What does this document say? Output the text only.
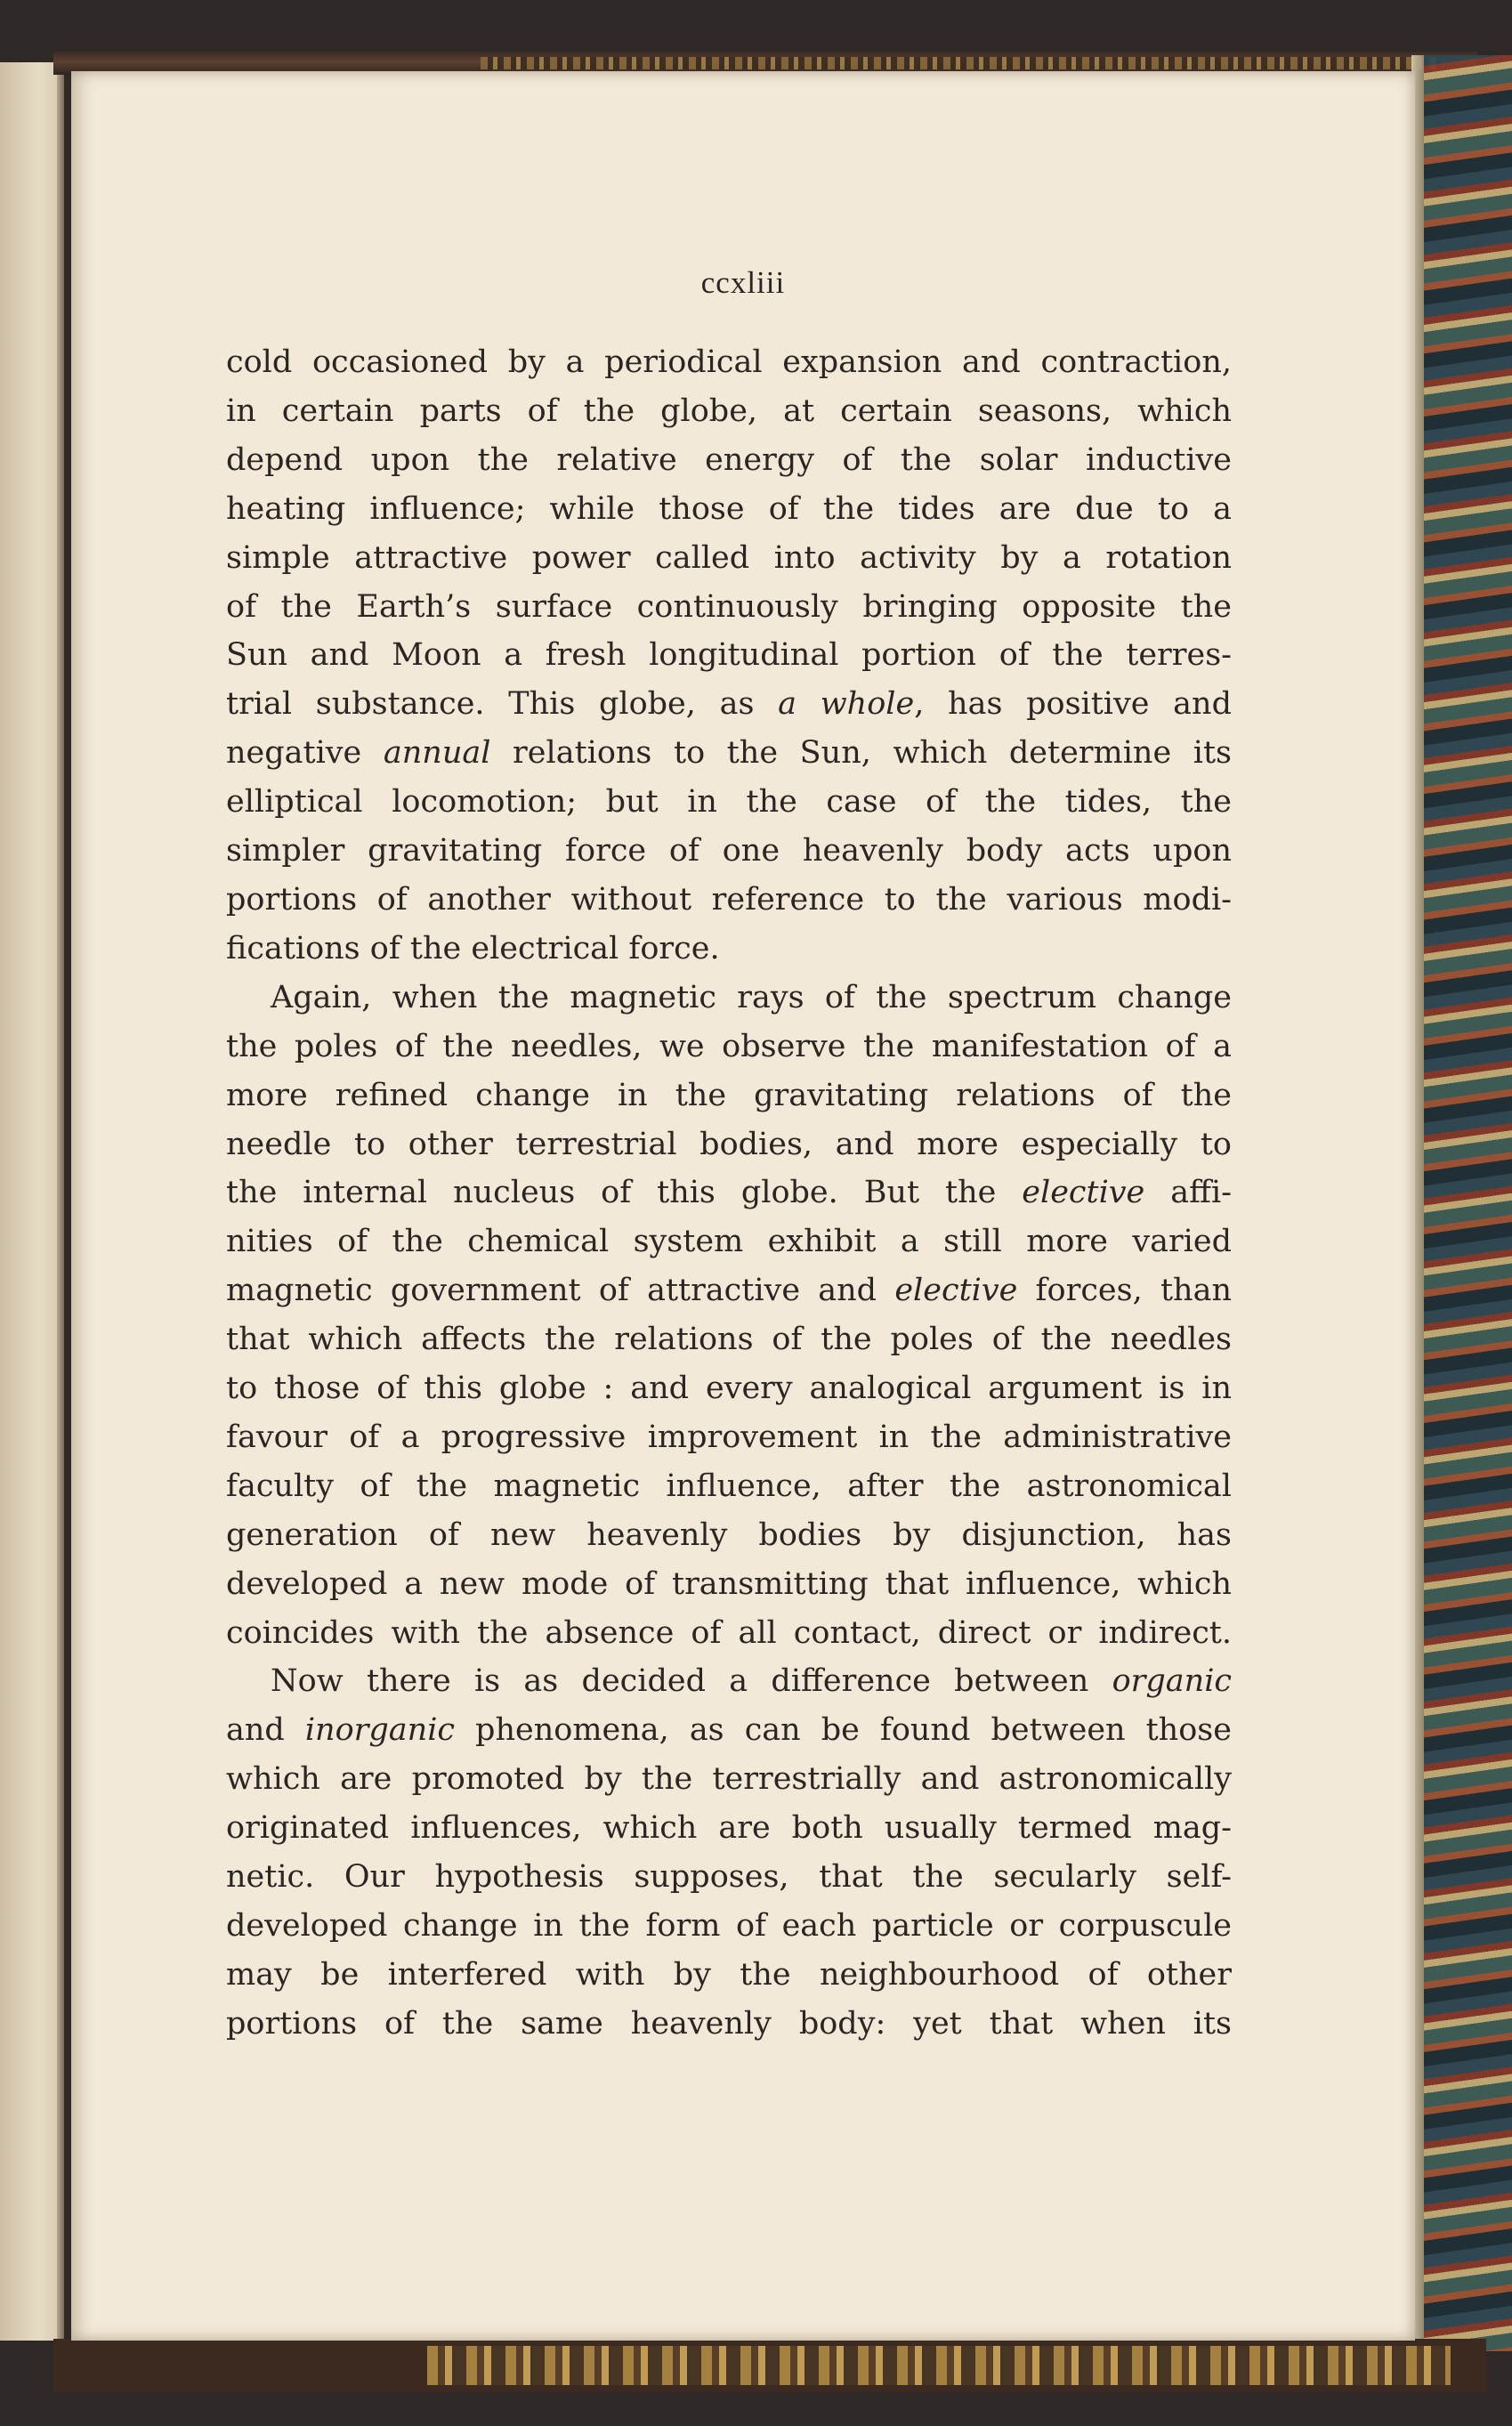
ccxliii

cold occasioned by a periodical expansion and contraction,
in certain parts of the globe, at certain seasons, which
depend upon the relative energy of the solar inductive
heating influence; while those of the tides are due to a
simple attractive power called into activity by a rotation
of the Earth’s surface continuously bringing opposite the
Sun and Moon a fresh longitudinal portion of the terres-
trial substance. This globe, as a whole, has positive and
negative annual relations to the Sun, which determine its
elliptical locomotion; but in the case of the tides, the
simpler gravitating force of one heavenly body acts upon
portions of another without reference to the various modi-
fications of the electrical force.

Again, when the magnetic rays of the spectrum change
the poles of the needles, we observe the manifestation of a
more refined change in the gravitating relations of the
needle to other terrestrial bodies, and more especially to
the internal nucleus of this globe. But the elective affi-
nities of the chemical system exhibit a still more varied
magnetic government of attractive and elective forces, than
that which affects the relations of the poles of the needles
to those of this globe : and every analogical argument is in
favour of a progressive improvement in the administrative
faculty of the magnetic influence, after the astronomical
generation of new heavenly bodies by disjunction, has
developed a new mode of transmitting that influence, which
coincides with the absence of all contact, direct or indirect.

Now there is as decided a difference between organic
and inorganic phenomena, as can be found between those
which are promoted by the terrestrially and astronomically
originated influences, which are both usually termed mag-
netic. Our hypothesis supposes, that the secularly self-
developed change in the form of each particle or corpuscule
may be interfered with by the neighbourhood of other
portions of the same heavenly body: yet that when its
